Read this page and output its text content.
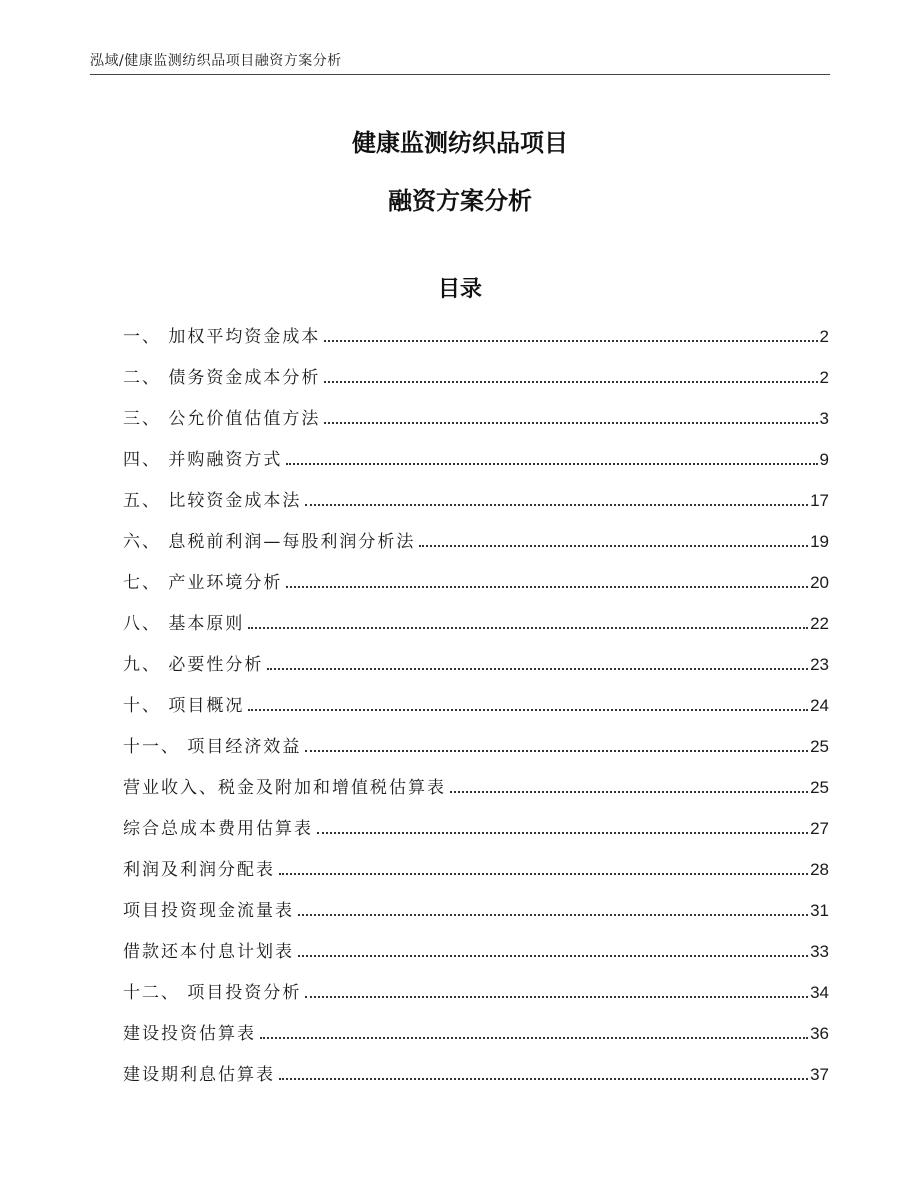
泓域/健康监测纺织品项目融资方案分析
健康监测纺织品项目
融资方案分析
目录
一、 加权平均资金成本	2
二、 债务资金成本分析	2
三、 公允价值估值方法	3
四、 并购融资方式	9
五、 比较资金成本法	17
六、 息税前利润—每股利润分析法	19
七、 产业环境分析	20
八、 基本原则	22
九、 必要性分析	23
十、 项目概况	24
十一、 项目经济效益	25
营业收入、税金及附加和增值税估算表	25
综合总成本费用估算表	27
利润及利润分配表	28
项目投资现金流量表	31
借款还本付息计划表	33
十二、 项目投资分析	34
建设投资估算表	36
建设期利息估算表	37
